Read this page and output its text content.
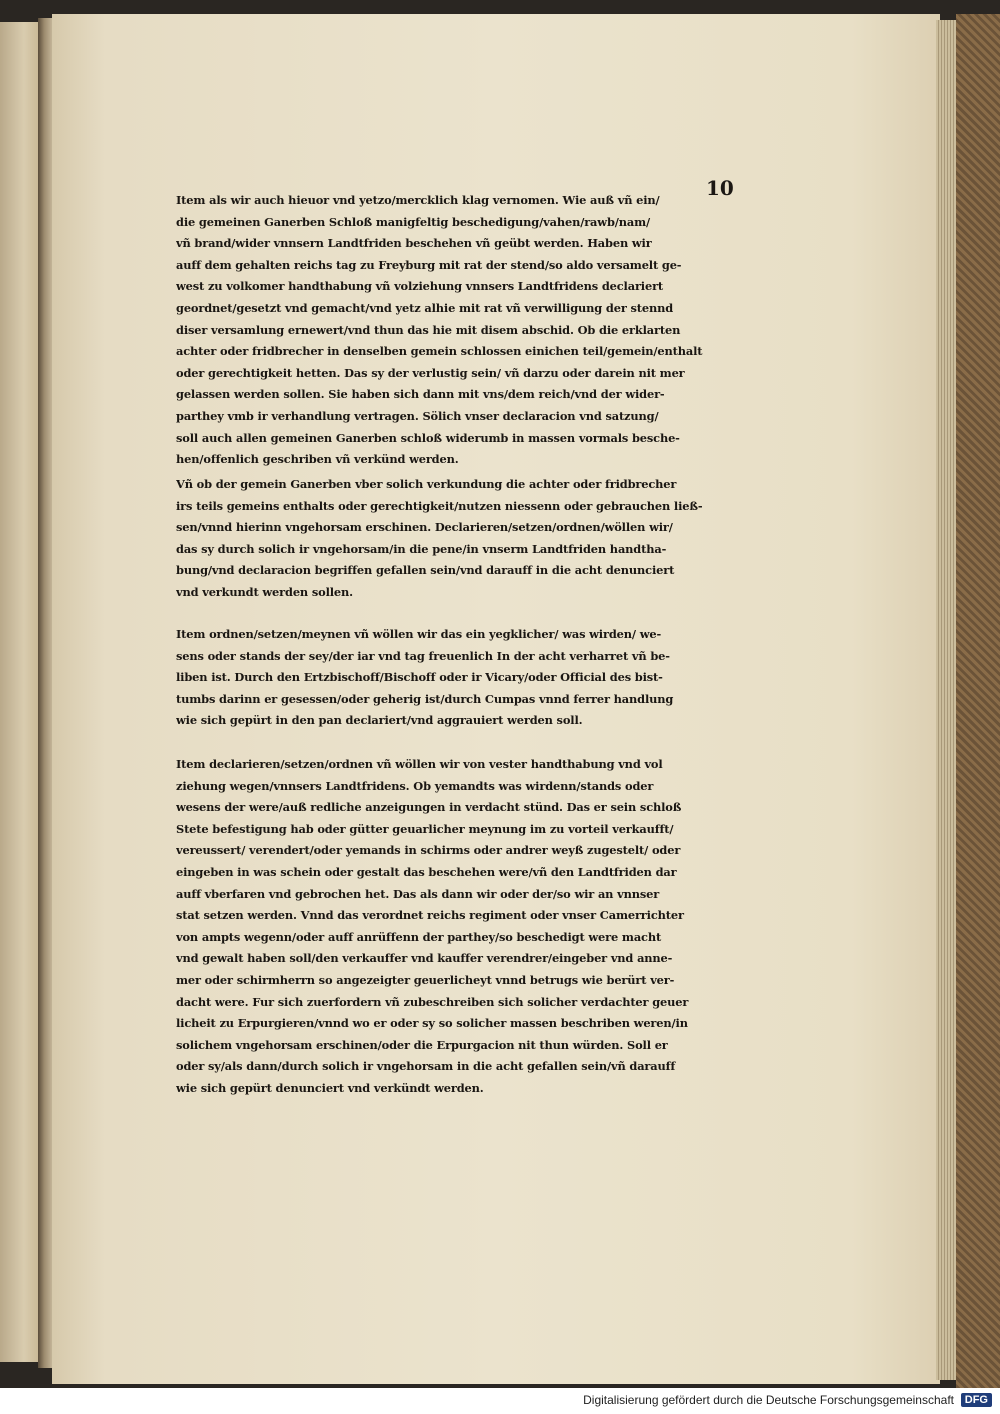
10
Item als wir auch hieuor vnd yetzo/mercklich klag vernomen. Wie auß vñ ein/
die gemeinen Ganerben Schloß manigfeltig beschedigung/vahen/rawb/nam/
vñ brand/wider vnnsern Landtfriden beschehen vñ geübt werden. Haben wir
auff dem gehalten reichs tag zu Freyburg mit rat der stend/so aldo versamelt ge-
west zu volkomer handthabung vñ volziehung vnnsers Landtfridens declariert
geordnet/gesetzt vnd gemacht/vnd yetz alhie mit rat vñ verwilligung der stennd
diser versamlung ernewert/vnd thun das hie mit disem abschid. Ob die erklarten
achter oder fridbrecher in denselben gemein schlossen einichen teil/gemein/enthalt
oder gerechtigkeit hetten. Das sy der verlustig sein/ vñ darzu oder darein nit mer
gelassen werden sollen. Sie haben sich dann mit vns/dem reich/vnd der wider-
parthey vmb ir verhandlung vertragen. Sölich vnser declaracion vnd satzung/
soll auch allen gemeinen Ganerben schloß widerumb in massen vormals besche-
hen/offenlich geschriben vñ verkünd werden.
Vñ ob der gemein Ganerben vber solich verkundung die achter oder fridbrecher
irs teils gemeins enthalts oder gerechtigkeit/nutzen niessenn oder gebrauchen ließ-
sen/vnnd hierinn vngehorsam erschinen. Declarieren/setzen/ordnen/wöllen wir/
das sy durch solich ir vngehorsam/in die pene/in vnserm Landtfriden handtha-
bung/vnd declaracion begriffen gefallen sein/vnd darauff in die acht denunciert
vnd verkundt werden sollen.
Item ordnen/setzen/meynen vñ wöllen wir das ein yegklicher/ was wirden/ we-
sens oder stands der sey/der iar vnd tag freuenlich In der acht verharret vñ be-
liben ist. Durch den Ertzbischoff/Bischoff oder ir Vicary/oder Official des bist-
tumbs darinn er gesessen/oder geherig ist/durch Cumpas vnnd ferrer handlung
wie sich gepürt in den pan declariert/vnd aggrauiert werden soll.
Item declarieren/setzen/ordnen vñ wöllen wir von vester handthabung vnd vol
ziehung wegen/vnnsers Landtfridens. Ob yemandts was wirdenn/stands oder
wesens der were/auß redliche anzeigungen in verdacht stünd. Das er sein schloß
Stete befestigung hab oder gütter geuarlicher meynung im zu vorteil verkaufft/
vereussert/ verendert/oder yemands in schirms oder andrer weyß zugestelt/ oder
eingeben in was schein oder gestalt das beschehen were/vñ den Landtfriden dar
auff vberfaren vnd gebrochen het. Das als dann wir oder der/so wir an vnnser
stat setzen werden. Vnnd das verordnet reichs regiment oder vnser Camerrichter
von ampts wegenn/oder auff anrüffenn der parthey/so beschedigt were macht
vnd gewalt haben soll/den verkauffer vnd kauffer verendrer/eingeber vnd anne-
mer oder schirmherrn so angezeigter geuerlicheyt vnnd betrugs wie berürt ver-
dacht were. Fur sich zuerfordern vñ zubeschreiben sich solicher verdachter geuer
licheit zu Erpurgieren/vnnd wo er oder sy so solicher massen beschriben weren/in
solichem vngehorsam erschinen/oder die Erpurgacion nit thun würden. Soll er
oder sy/als dann/durch solich ir vngehorsam in die acht gefallen sein/vñ darauff
wie sich gepürt denunciert vnd verkündt werden.
Digitalisierung gefördert durch die Deutsche Forschungsgemeinschaft DFG
